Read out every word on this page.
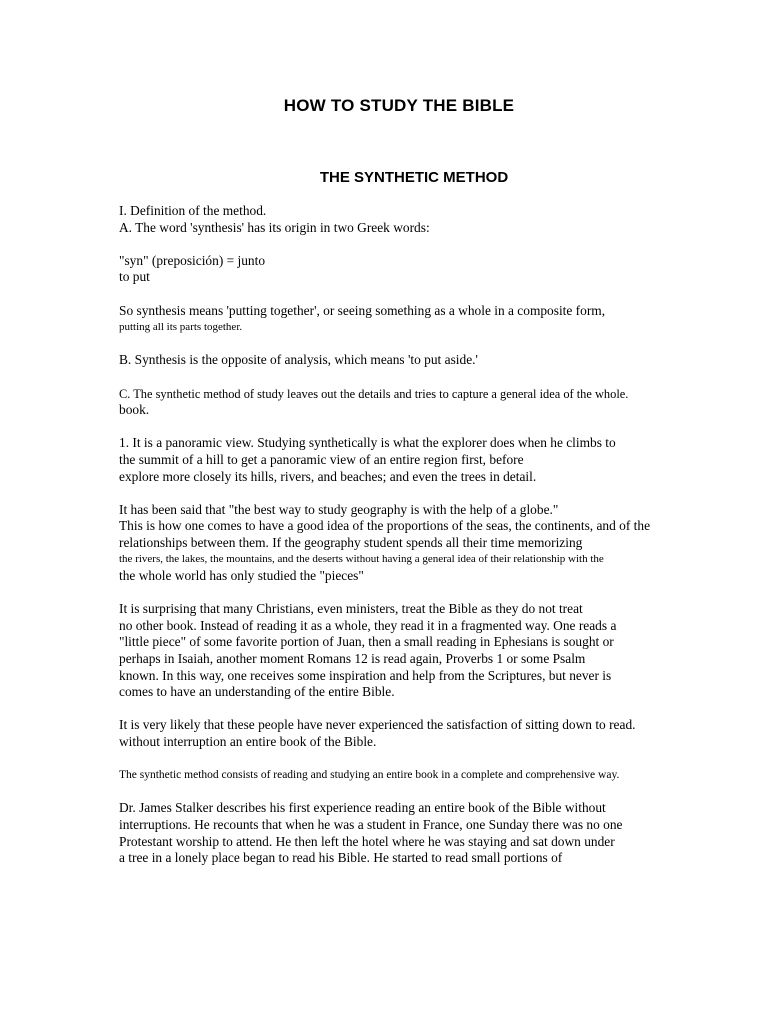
HOW TO STUDY THE BIBLE
THE SYNTHETIC METHOD
I. Definition of the method.
A. The word 'synthesis' has its origin in two Greek words:
"syn" (preposición) = junto
to put
So synthesis means 'putting together', or seeing something as a whole in a composite form,
putting all its parts together.
B. Synthesis is the opposite of analysis, which means 'to put aside.'
C. The synthetic method of study leaves out the details and tries to capture a general idea of the whole.
book.
1. It is a panoramic view. Studying synthetically is what the explorer does when he climbs to
the summit of a hill to get a panoramic view of an entire region first, before
explore more closely its hills, rivers, and beaches; and even the trees in detail.
It has been said that "the best way to study geography is with the help of a globe."
This is how one comes to have a good idea of the proportions of the seas, the continents, and of the
relationships between them. If the geography student spends all their time memorizing
the rivers, the lakes, the mountains, and the deserts without having a general idea of their relationship with the
the whole world has only studied the "pieces"
It is surprising that many Christians, even ministers, treat the Bible as they do not treat
no other book. Instead of reading it as a whole, they read it in a fragmented way. One reads a
"little piece" of some favorite portion of Juan, then a small reading in Ephesians is sought or
perhaps in Isaiah, another moment Romans 12 is read again, Proverbs 1 or some Psalm
known. In this way, one receives some inspiration and help from the Scriptures, but never is
comes to have an understanding of the entire Bible.
It is very likely that these people have never experienced the satisfaction of sitting down to read.
without interruption an entire book of the Bible.
The synthetic method consists of reading and studying an entire book in a complete and comprehensive way.
Dr. James Stalker describes his first experience reading an entire book of the Bible without
interruptions. He recounts that when he was a student in France, one Sunday there was no one
Protestant worship to attend. He then left the hotel where he was staying and sat down under
a tree in a lonely place began to read his Bible. He started to read small portions of
